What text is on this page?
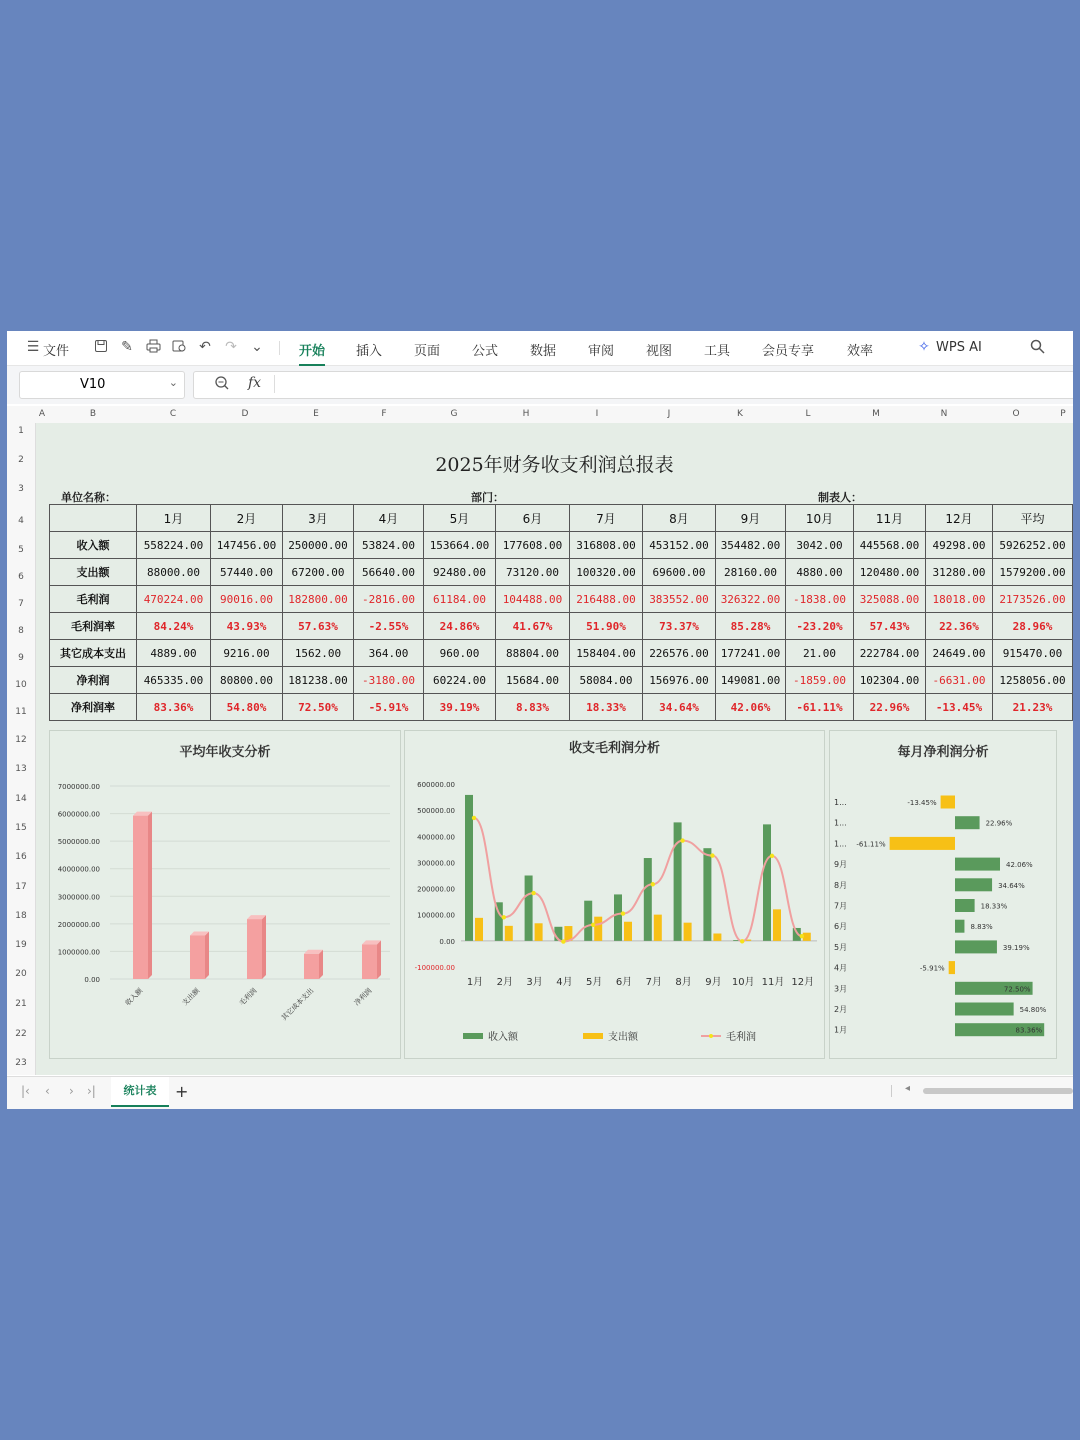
☰ 文件	✎	↶ ↷ ⌄	开始 插入 页面 公式 数据 审阅 视图 工具 会员专享	效率	✧ WPS AI
V10	⌄	fx
A	B	C	D	E	F	G	H	I	J	K	L	M	N	O	P
1
2
3
4
5
6
7
8
9
10
11
12
13
14
15
16
17
18
19
20
21
22
23
2025年财务收支利润总报表
单位名称：	部门：	制表人：
	1月	2月	3月	4月	5月	6月	7月	8月	9月	10月	11月	12月	平均
收入额	558224.00	147456.00	250000.00	53824.00	153664.00	177608.00	316808.00	453152.00	354482.00	3042.00	445568.00	49298.00	5926252.00
支出额	88000.00	57440.00	67200.00	56640.00	92480.00	73120.00	100320.00	69600.00	28160.00	4880.00	120480.00	31280.00	1579200.00
毛利润	470224.00	90016.00	182800.00	-2816.00	61184.00	104488.00	216488.00	383552.00	326322.00	-1838.00	325088.00	18018.00	2173526.00
毛利润率	84.24%	43.93%	57.63%	-2.55%	24.86%	41.67%	51.90%	73.37%	85.28%	-23.20%	57.43%	22.36%	28.96%
其它成本支出	4889.00	9216.00	1562.00	364.00	960.00	88804.00	158404.00	226576.00	177241.00	21.00	222784.00	24649.00	915470.00
净利润	465335.00	80800.00	181238.00	-3180.00	60224.00	15684.00	58084.00	156976.00	149081.00	-1859.00	102304.00	-6631.00	1258056.00
净利润率	83.36%	54.80%	72.50%	-5.91%	39.19%	8.83%	18.33%	34.64%	42.06%	-61.11%	22.96%	-13.45%	21.23%
平均年收支分析
7000000.00
6000000.00
5000000.00
4000000.00
3000000.00
2000000.00
1000000.00
0.00
收入额	支出额	毛利润	其它成本支出	净利润
收支毛利润分析
600000.00
500000.00
400000.00
300000.00
200000.00
100000.00
0.00
-100000.00
1月 2月 3月 4月 5月 6月 7月 8月 9月 10月 11月 12月
收入额	支出额	毛利润
每月净利润分析
1...	-13.45%
1...	22.96%
1... -61.11%
9月	42.06%
8月	34.64%
7月	18.33%
6月	8.83%
5月	39.19%
4月	-5.91%
3月	72.50%
2月	54.80%
1月	83.36%
|‹ ‹ › ›|	统计表	+	◂
